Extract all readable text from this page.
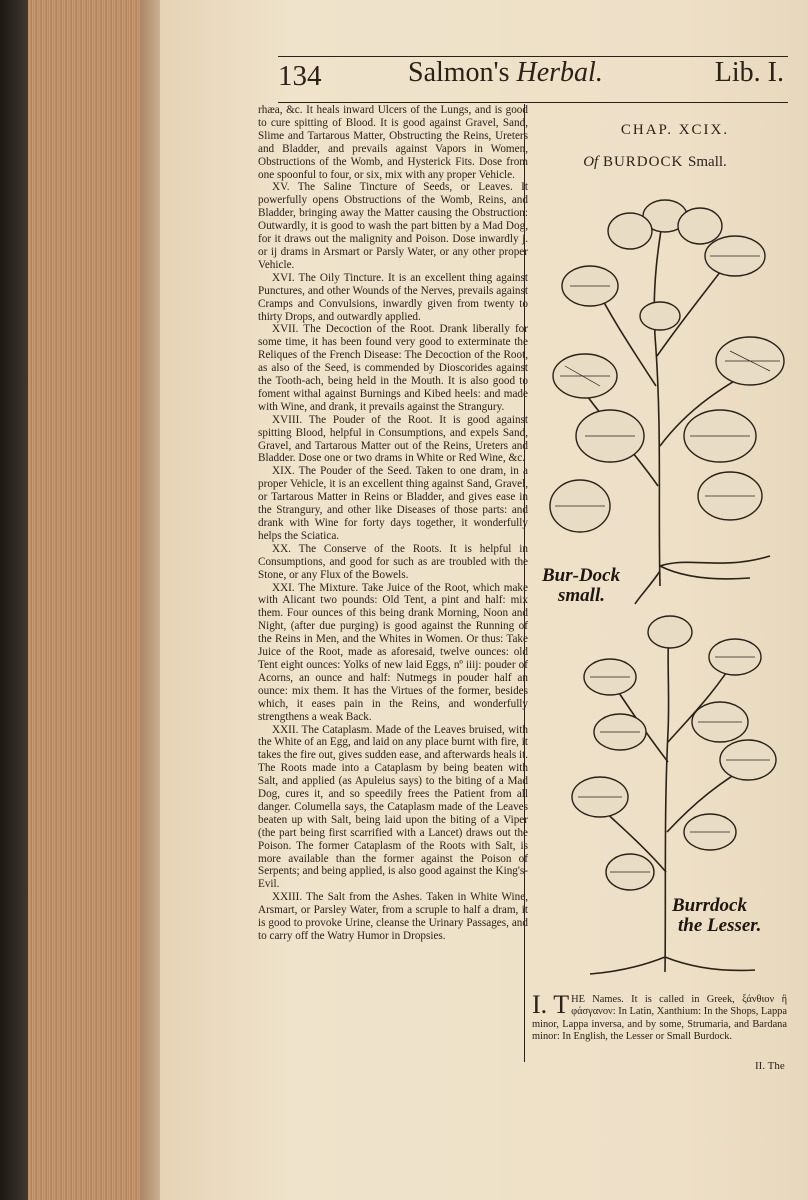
134	Salmon's Herbal.	Lib. I.

rhæa, &c. It heals inward Ulcers of the Lungs, and is good to cure spitting of Blood. It is good against Gravel, Sand, Slime and Tartarous Matter, Obstructing the Reins, Ureters and Bladder, and prevails against Vapors in Women, Obstructions of the Womb, and Hysterick Fits. Dose from one spoonful to four, or six, mix with any proper Vehicle.

XV. The Saline Tincture of Seeds, or Leaves. It powerfully opens Obstructions of the Womb, Reins, and Bladder, bringing away the Matter causing the Obstruction: Outwardly, it is good to wash the part bitten by a Mad Dog, for it draws out the malignity and Poison. Dose inwardly j. or ij drams in Arsmart or Parsly Water, or any other proper Vehicle.

XVI. The Oily Tincture. It is an excellent thing against Punctures, and other Wounds of the Nerves, prevails against Cramps and Convulsions, inwardly given from twenty to thirty Drops, and outwardly applied.

XVII. The Decoction of the Root. Drank liberally for some time, it has been found very good to exterminate the Reliques of the French Disease: The Decoction of the Root, as also of the Seed, is commended by Dioscorides against the Tooth-ach, being held in the Mouth. It is also good to foment withal against Burnings and Kibed heels: and made with Wine, and drank, it prevails against the Strangury.

XVIII. The Pouder of the Root. It is good against spitting Blood, helpful in Consumptions, and expels Sand, Gravel, and Tartarous Matter out of the Reins, Ureters and Bladder. Dose one or two drams in White or Red Wine, &c.

XIX. The Pouder of the Seed. Taken to one dram, in a proper Vehicle, it is an excellent thing against Sand, Gravel, or Tartarous Matter in Reins or Bladder, and gives ease in the Strangury, and other like Diseases of those parts: and drank with Wine for forty days together, it wonderfully helps the Sciatica.

XX. The Conserve of the Roots. It is helpful in Consumptions, and good for such as are troubled with the Stone, or any Flux of the Bowels.

XXI. The Mixture. Take Juice of the Root, which make with Alicant two pounds: Old Tent, a pint and half: mix them. Four ounces of this being drank Morning, Noon and Night, (after due purging) is good against the Running of the Reins in Men, and the Whites in Women. Or thus: Take Juice of the Root, made as aforesaid, twelve ounces: old Tent eight ounces: Yolks of new laid Eggs, nº iiij: pouder of Acorns, an ounce and half: Nutmegs in pouder half an ounce: mix them. It has the Virtues of the former, besides which, it eases pain in the Reins, and wonderfully strengthens a weak Back.

XXII. The Cataplasm. Made of the Leaves bruised, with the White of an Egg, and laid on any place burnt with fire, it takes the fire out, gives sudden ease, and afterwards heals it. The Roots made into a Cataplasm by being beaten with Salt, and applied (as Apuleius says) to the biting of a Mad Dog, cures it, and so speedily frees the Patient from all danger. Columella says, the Cataplasm made of the Leaves beaten up with Salt, being laid upon the biting of a Viper (the part being first scarrified with a Lancet) draws out the Poison. The former Cataplasm of the Roots with Salt, is more available than the former against the Poison of Serpents; and being applied, is also good against the King's-Evil.

XXIII. The Salt from the Ashes. Taken in White Wine, Arsmart, or Parsley Water, from a scruple to half a dram, it is good to provoke Urine, cleanse the Urinary Passages, and to carry off the Watry Humor in Dropsies.

CHAP. XCIX.
Of BURDOCK Small.
Bur-Dock
small.
Burrdock
the Lesser.
I. T HE Names. It is called in Greek, ξάνθιον ἢ φάσγανον: In Latin, Xanthium: In the Shops, Lappa minor, Lappa inversa, and by some, Strumaria, and Bardana minor: In English, the Lesser or Small Burdock.
II. The
